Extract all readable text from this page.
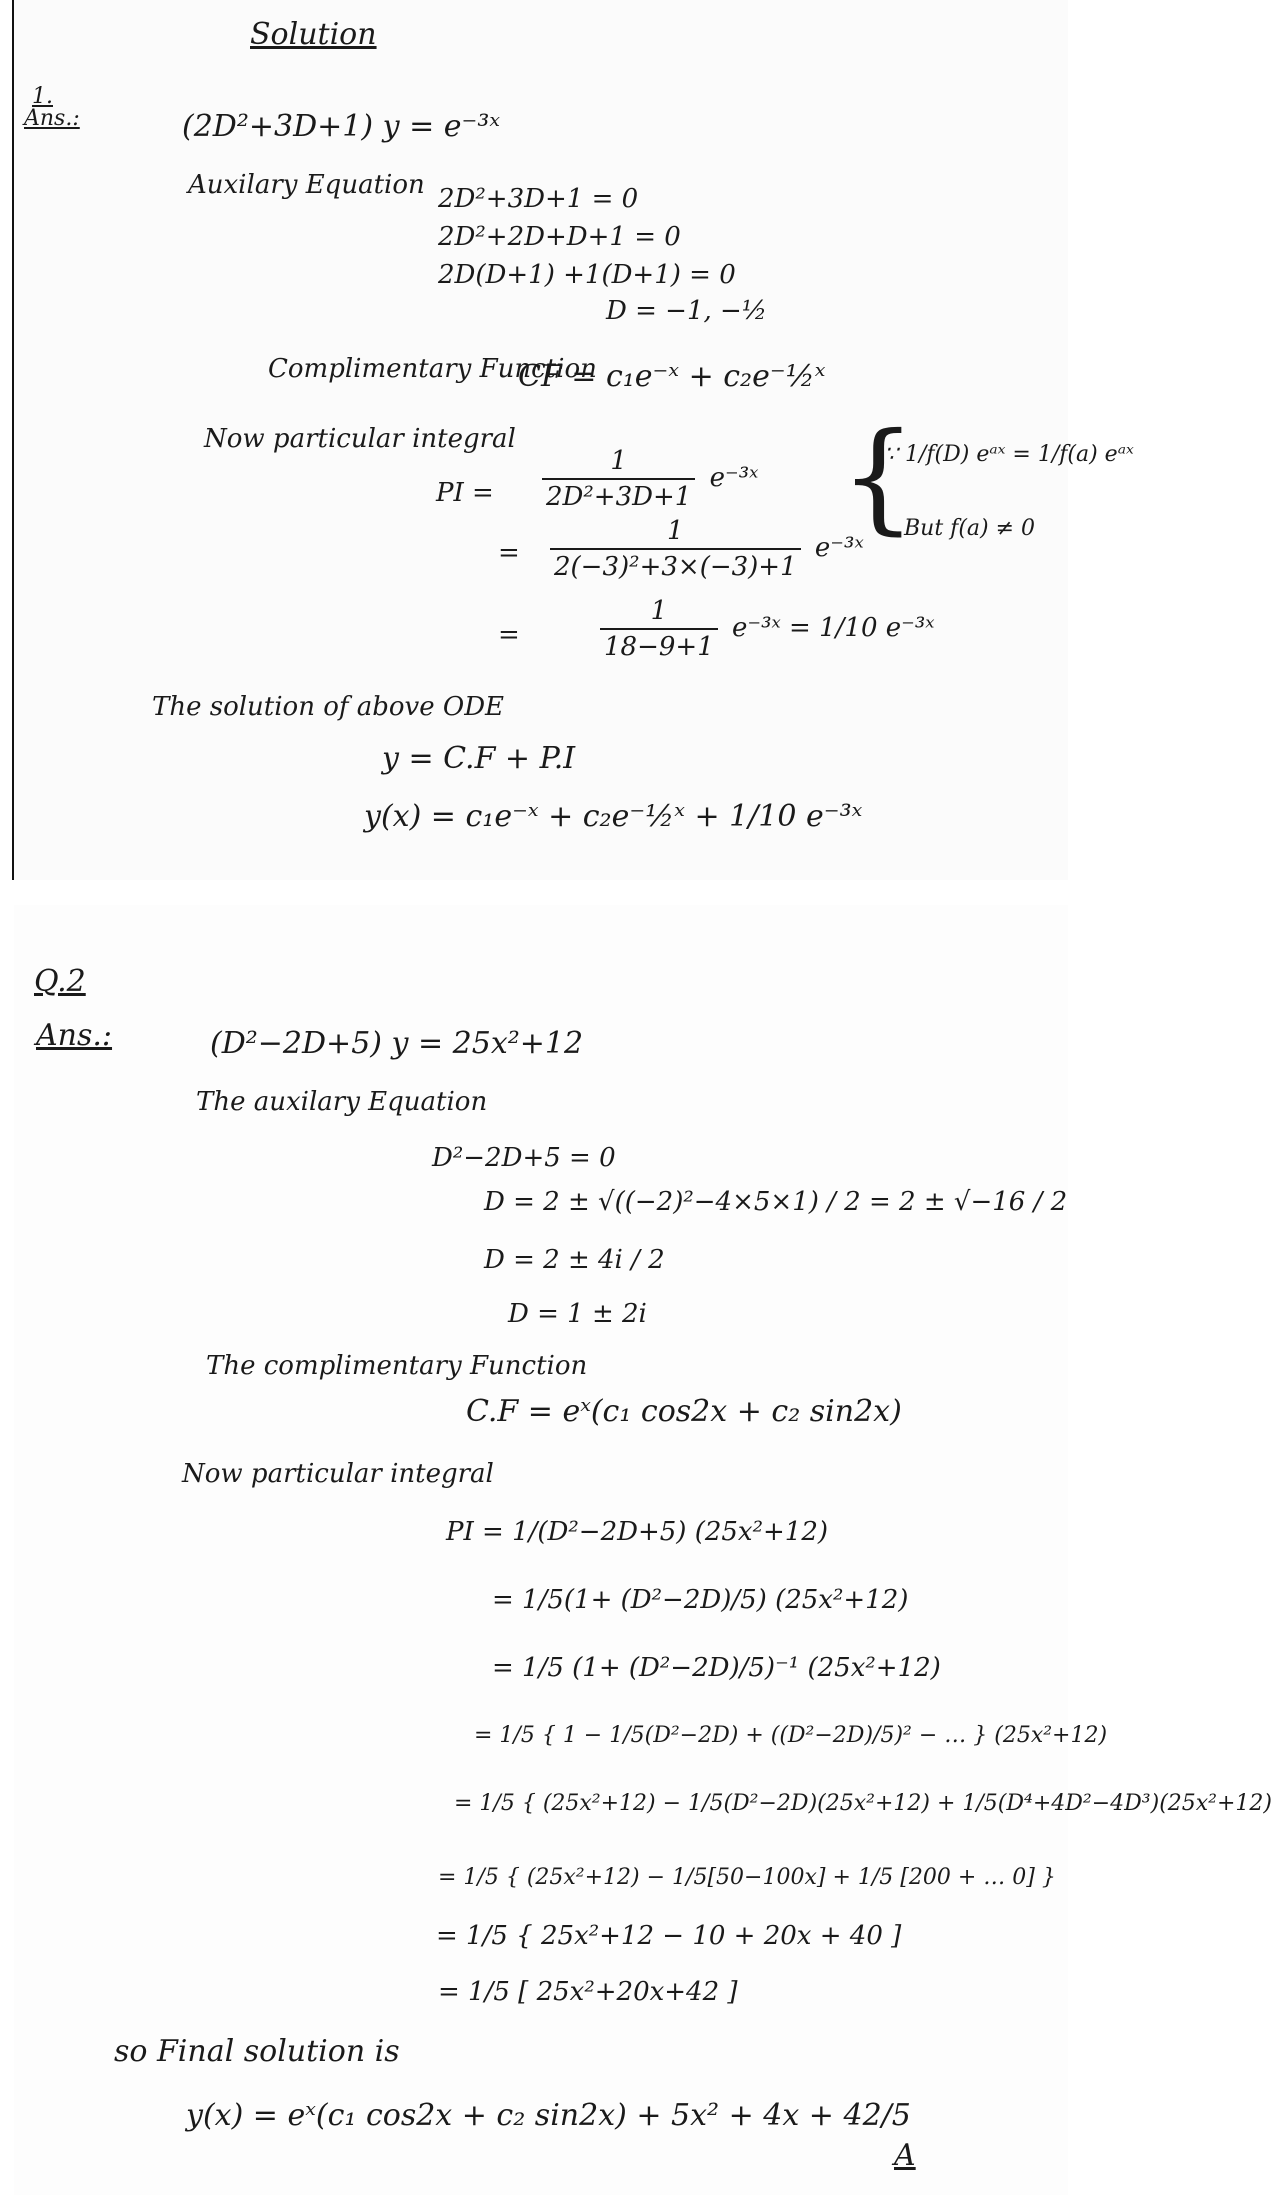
Solution
1.
Ans.:	(2D²+3D+1) y = e⁻³ˣ
Auxilary Equation 2D²+3D+1 = 0
2D²+2D+D+1 = 0
2D(D+1) +1(D+1) = 0
D = −1, −½
Complimentary Function
CF = c₁e⁻ˣ + c₂e⁻½ˣ
Now particular integral
PI = $\frac{1}{\text{2D²+3D+1}}$ e⁻³ˣ
= $\frac{1}{\text{2(−3)²+3×(−3)+1}}$ e⁻³ˣ
=	$\frac{1}{18-9+1}$ e⁻³ˣ = 1/10 e⁻³ˣ
{
∵ 1/f(D) eᵃˣ = 1/f(a) eᵃˣ
But f(a) ≠ 0
The solution of above ODE
y = C.F + P.I
y(x) = c₁e⁻ˣ + c₂e⁻½ˣ + 1/10 e⁻³ˣ
Q.2
Ans.:	(D²−2D+5) y = 25x²+12
The auxilary Equation
D²−2D+5 = 0
D = 2 ± √((−2)²−4×5×1) / 2 = 2 ± √−16 / 2
D = 2 ± 4i / 2
D = 1 ± 2i
The complimentary Function
C.F = eˣ(c₁ cos2x + c₂ sin2x)
Now particular integral
PI = 1/(D²−2D+5) (25x²+12)
= 1/5(1+ (D²−2D)/5) (25x²+12)
= 1/5 (1+ (D²−2D)/5)⁻¹ (25x²+12)
= 1/5 { 1 − 1/5(D²−2D) + ((D²−2D)/5)² − … } (25x²+12)
= 1/5 { (25x²+12) − 1/5(D²−2D)(25x²+12) + 1/5(D⁴+4D²−4D³)(25x²+12)
= 1/5 { (25x²+12) − 1/5[50−100x] + 1/5 [200 + … 0] }
= 1/5 { 25x²+12 − 10 + 20x + 40 ]
= 1/5 [ 25x²+20x+42 ]
so Final solution is
y(x) = eˣ(c₁ cos2x + c₂ sin2x) + 5x² + 4x + 42/5
A
